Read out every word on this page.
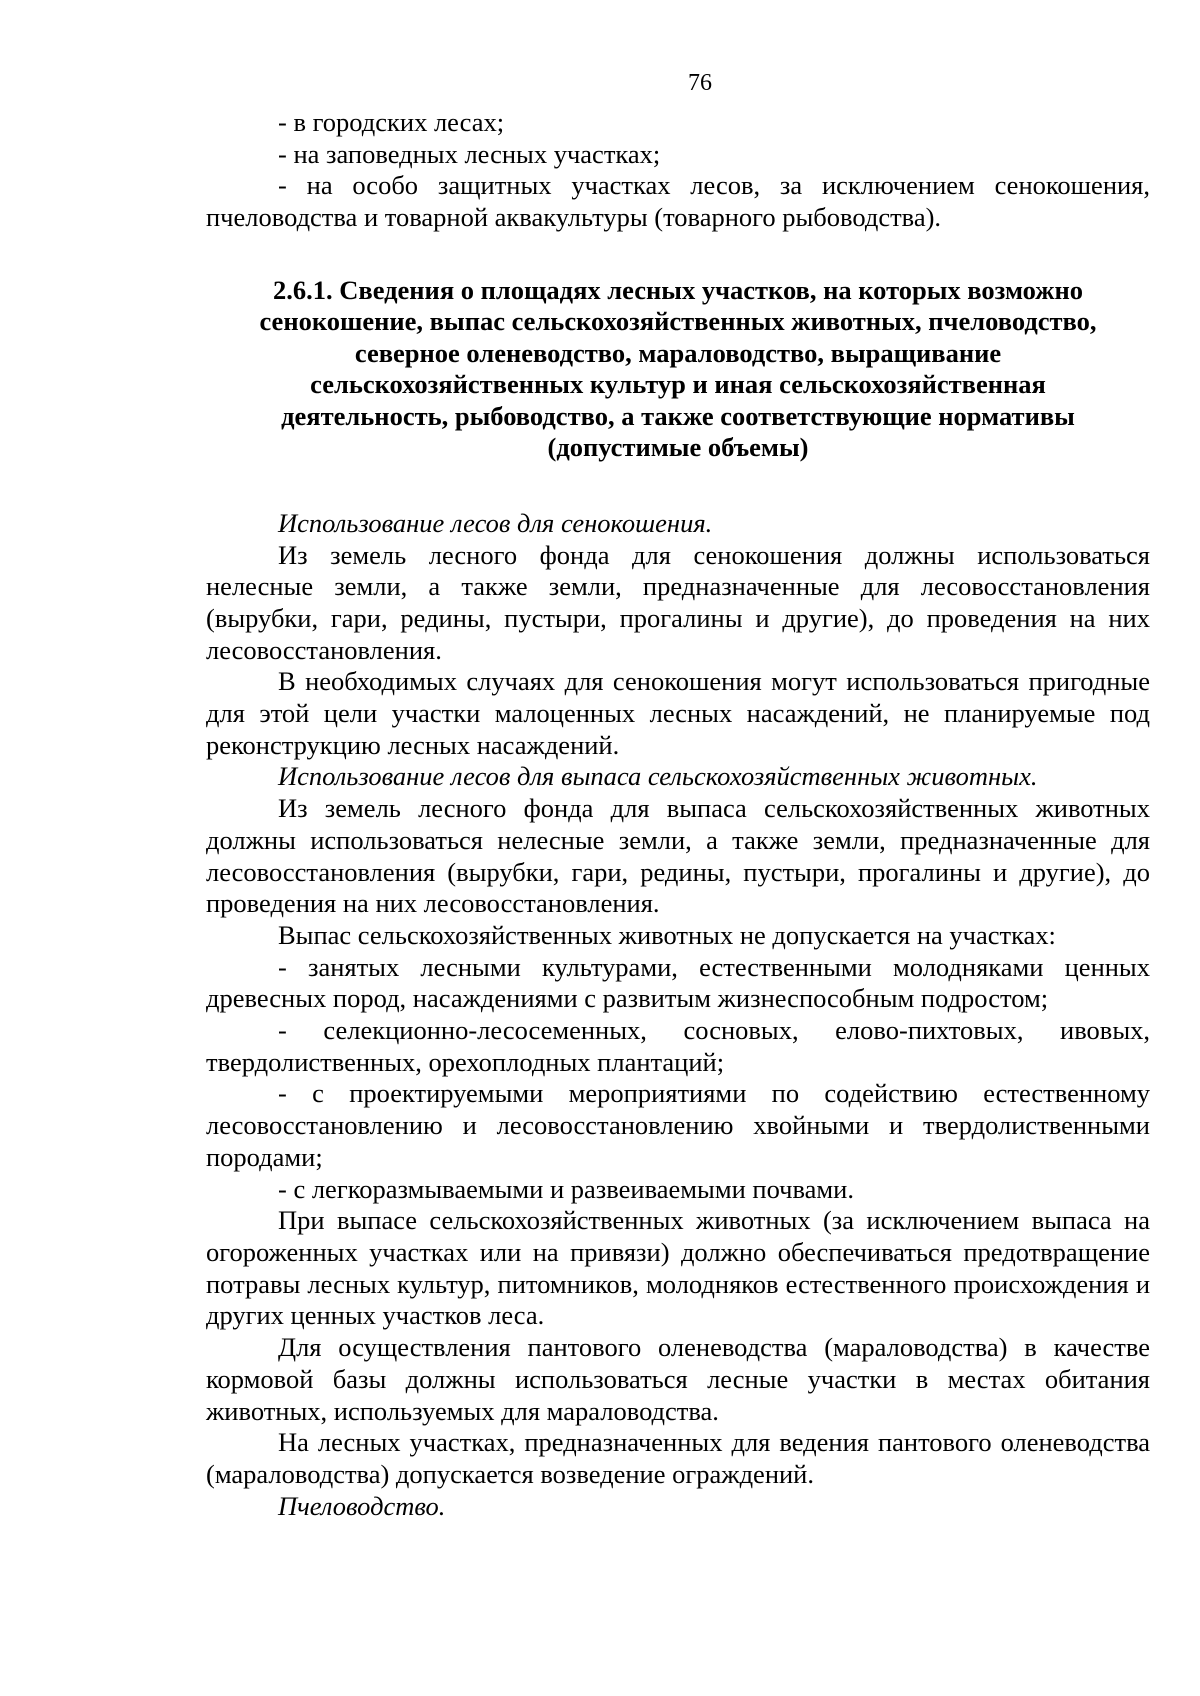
76

- в городских лесах;

- на заповедных лесных участках;

- на особо защитных участках лесов, за исключением сенокошения, пчеловодства и товарной аквакультуры (товарного рыбоводства).

2.6.1. Сведения о площадях лесных участков, на которых возможно
сенокошение, выпас сельскохозяйственных животных, пчеловодство,
северное оленеводство, мараловодство, выращивание
сельскохозяйственных культур и иная сельскохозяйственная
деятельность, рыбоводство, а также соответствующие нормативы
(допустимые объемы)

Использование лесов для сенокошения.

Из земель лесного фонда для сенокошения должны использоваться нелесные земли, а также земли, предназначенные для лесовосстановления (вырубки, гари, редины, пустыри, прогалины и другие), до проведения на них лесовосстановления.

В необходимых случаях для сенокошения могут использоваться пригодные для этой цели участки малоценных лесных насаждений, не планируемые под реконструкцию лесных насаждений.

Использование лесов для выпаса сельскохозяйственных животных.

Из земель лесного фонда для выпаса сельскохозяйственных животных должны использоваться нелесные земли, а также земли, предназначенные для лесовосстановления (вырубки, гари, редины, пустыри, прогалины и другие), до проведения на них лесовосстановления.

Выпас сельскохозяйственных животных не допускается на участках:

- занятых лесными культурами, естественными молодняками ценных древесных пород, насаждениями с развитым жизнеспособным подростом;

- селекционно-лесосеменных, сосновых, елово-пихтовых, ивовых, твердолиственных, орехоплодных плантаций;

- с проектируемыми мероприятиями по содействию естественному лесовосстановлению и лесовосстановлению хвойными и твердолиственными породами;

- с легкоразмываемыми и развеиваемыми почвами.

При выпасе сельскохозяйственных животных (за исключением выпаса на огороженных участках или на привязи) должно обеспечиваться предотвращение потравы лесных культур, питомников, молодняков естественного происхождения и других ценных участков леса.

Для осуществления пантового оленеводства (мараловодства) в качестве кормовой базы должны использоваться лесные участки в местах обитания животных, используемых для мараловодства.

На лесных участках, предназначенных для ведения пантового оленеводства (мараловодства) допускается возведение ограждений.

Пчеловодство.
